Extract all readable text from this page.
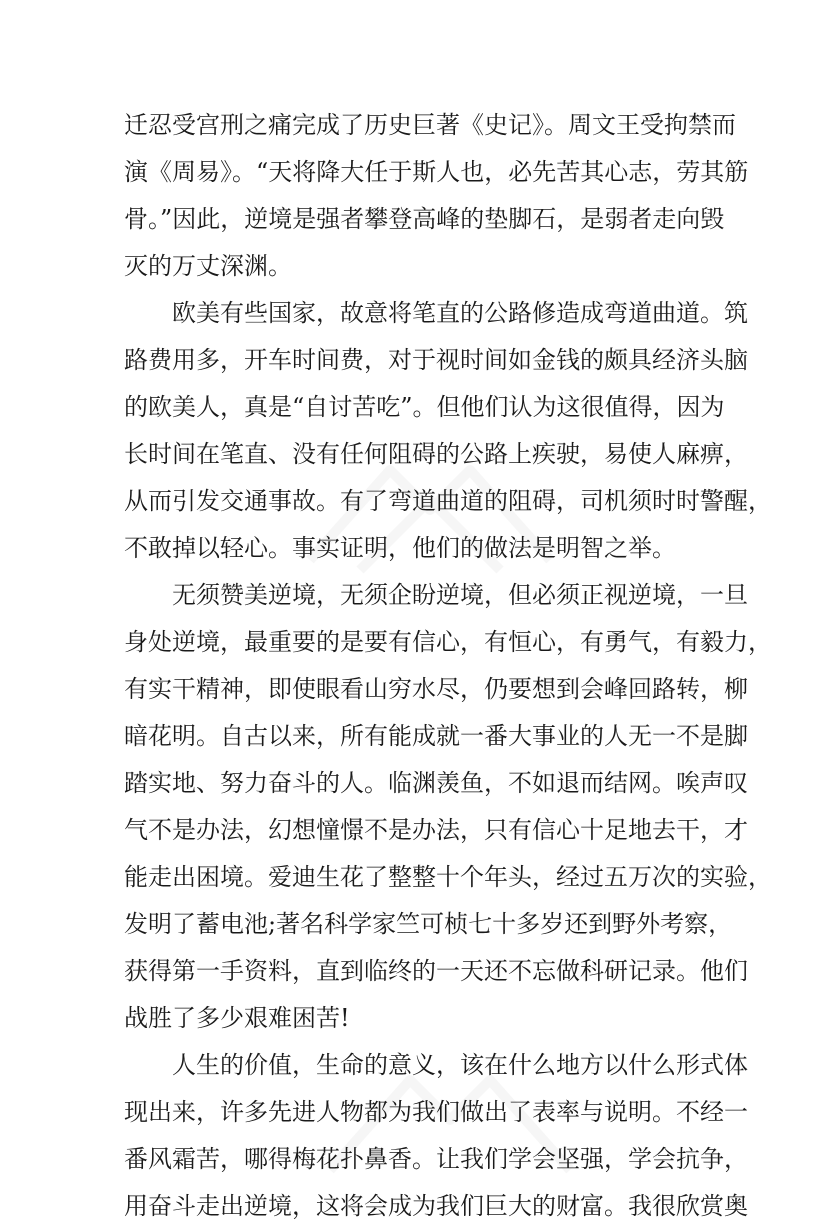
迁忍受宫刑之痛完成了历史巨著《史记》。周文王受拘禁而
演《周易》。“天将降大任于斯人也，必先苦其心志，劳其筋
骨。”因此，逆境是强者攀登高峰的垫脚石，是弱者走向毁
灭的万丈深渊。
欧美有些国家，故意将笔直的公路修造成弯道曲道。筑
路费用多，开车时间费，对于视时间如金钱的颇具经济头脑
的欧美人，真是“自讨苦吃”。但他们认为这很值得，因为
长时间在笔直、没有任何阻碍的公路上疾驶，易使人麻痹，
从而引发交通事故。有了弯道曲道的阻碍，司机须时时警醒，
不敢掉以轻心。事实证明，他们的做法是明智之举。
无须赞美逆境，无须企盼逆境，但必须正视逆境，一旦
身处逆境，最重要的是要有信心，有恒心，有勇气，有毅力，
有实干精神，即使眼看山穷水尽，仍要想到会峰回路转，柳
暗花明。自古以来，所有能成就一番大事业的人无一不是脚
踏实地、努力奋斗的人。临渊羡鱼，不如退而结网。唉声叹
气不是办法，幻想憧憬不是办法，只有信心十足地去干，才
能走出困境。爱迪生花了整整十个年头，经过五万次的实验，
发明了蓄电池;著名科学家竺可桢七十多岁还到野外考察，
获得第一手资料，直到临终的一天还不忘做科研记录。他们
战胜了多少艰难困苦!
人生的价值，生命的意义，该在什么地方以什么形式体
现出来，许多先进人物都为我们做出了表率与说明。不经一
番风霜苦，哪得梅花扑鼻香。让我们学会坚强，学会抗争，
用奋斗走出逆境，这将会成为我们巨大的财富。我很欣赏奥
